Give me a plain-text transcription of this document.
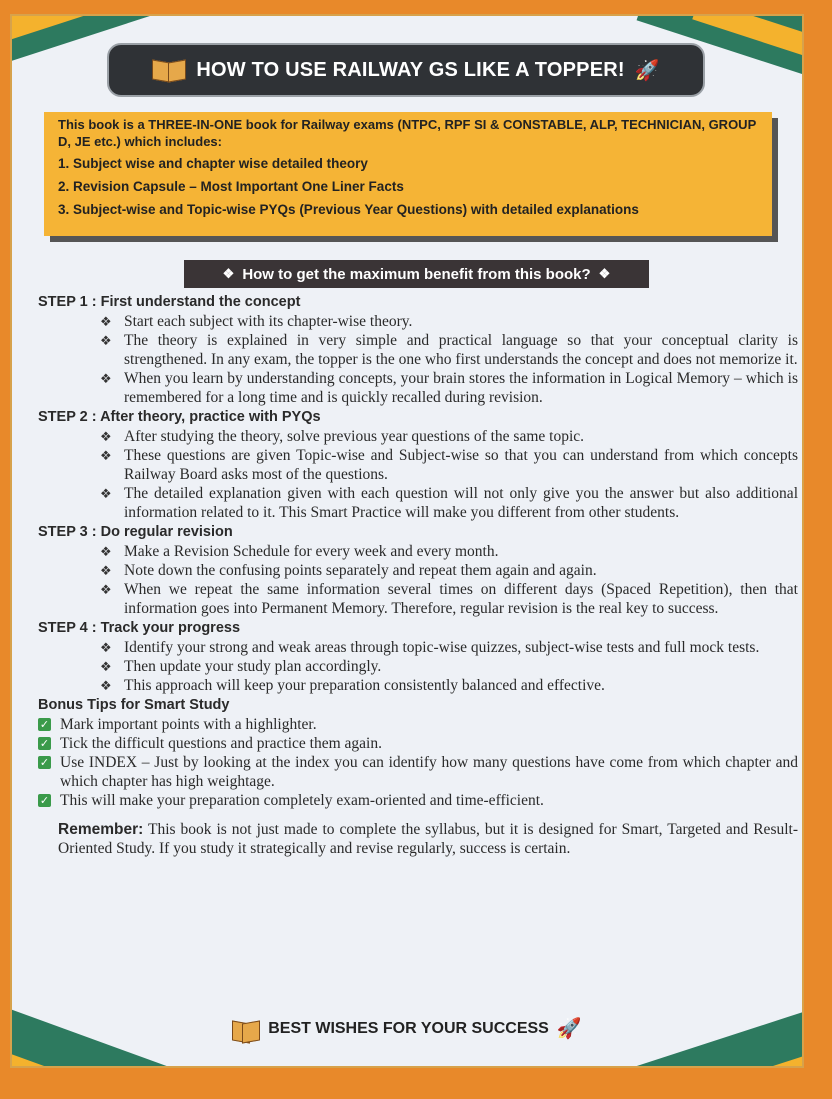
HOW TO USE RAILWAY GS LIKE A TOPPER! 🚀
This book is a THREE-IN-ONE book for Railway exams (NTPC, RPF SI & CONSTABLE, ALP, TECHNICIAN, GROUP D, JE etc.) which includes:
1. Subject wise and chapter wise detailed theory
2. Revision Capsule – Most Important One Liner Facts
3. Subject-wise and Topic-wise PYQs (Previous Year Questions) with detailed explanations
❖ How to get the maximum benefit from this book? ❖
STEP 1 : First understand the concept
❖ Start each subject with its chapter-wise theory.
❖ The theory is explained in very simple and practical language so that your conceptual clarity is strengthened. In any exam, the topper is the one who first understands the concept and does not memorize it.
❖ When you learn by understanding concepts, your brain stores the information in Logical Memory – which is remembered for a long time and is quickly recalled during revision.
STEP 2 : After theory, practice with PYQs
❖ After studying the theory, solve previous year questions of the same topic.
❖ These questions are given Topic-wise and Subject-wise so that you can understand from which concepts Railway Board asks most of the questions.
❖ The detailed explanation given with each question will not only give you the answer but also additional information related to it. This Smart Practice will make you different from other students.
STEP 3 : Do regular revision
❖ Make a Revision Schedule for every week and every month.
❖ Note down the confusing points separately and repeat them again and again.
❖ When we repeat the same information several times on different days (Spaced Repetition), then that information goes into Permanent Memory. Therefore, regular revision is the real key to success.
STEP 4 : Track your progress
❖ Identify your strong and weak areas through topic-wise quizzes, subject-wise tests and full mock tests.
❖ Then update your study plan accordingly.
❖ This approach will keep your preparation consistently balanced and effective.
Bonus Tips for Smart Study
✓ Mark important points with a highlighter.
✓ Tick the difficult questions and practice them again.
✓ Use INDEX – Just by looking at the index you can identify how many questions have come from which chapter and which chapter has high weightage.
✓ This will make your preparation completely exam-oriented and time-efficient.
Remember: This book is not just made to complete the syllabus, but it is designed for Smart, Targeted and Result-Oriented Study. If you study it strategically and revise regularly, success is certain.
BEST WISHES FOR YOUR SUCCESS 🚀
